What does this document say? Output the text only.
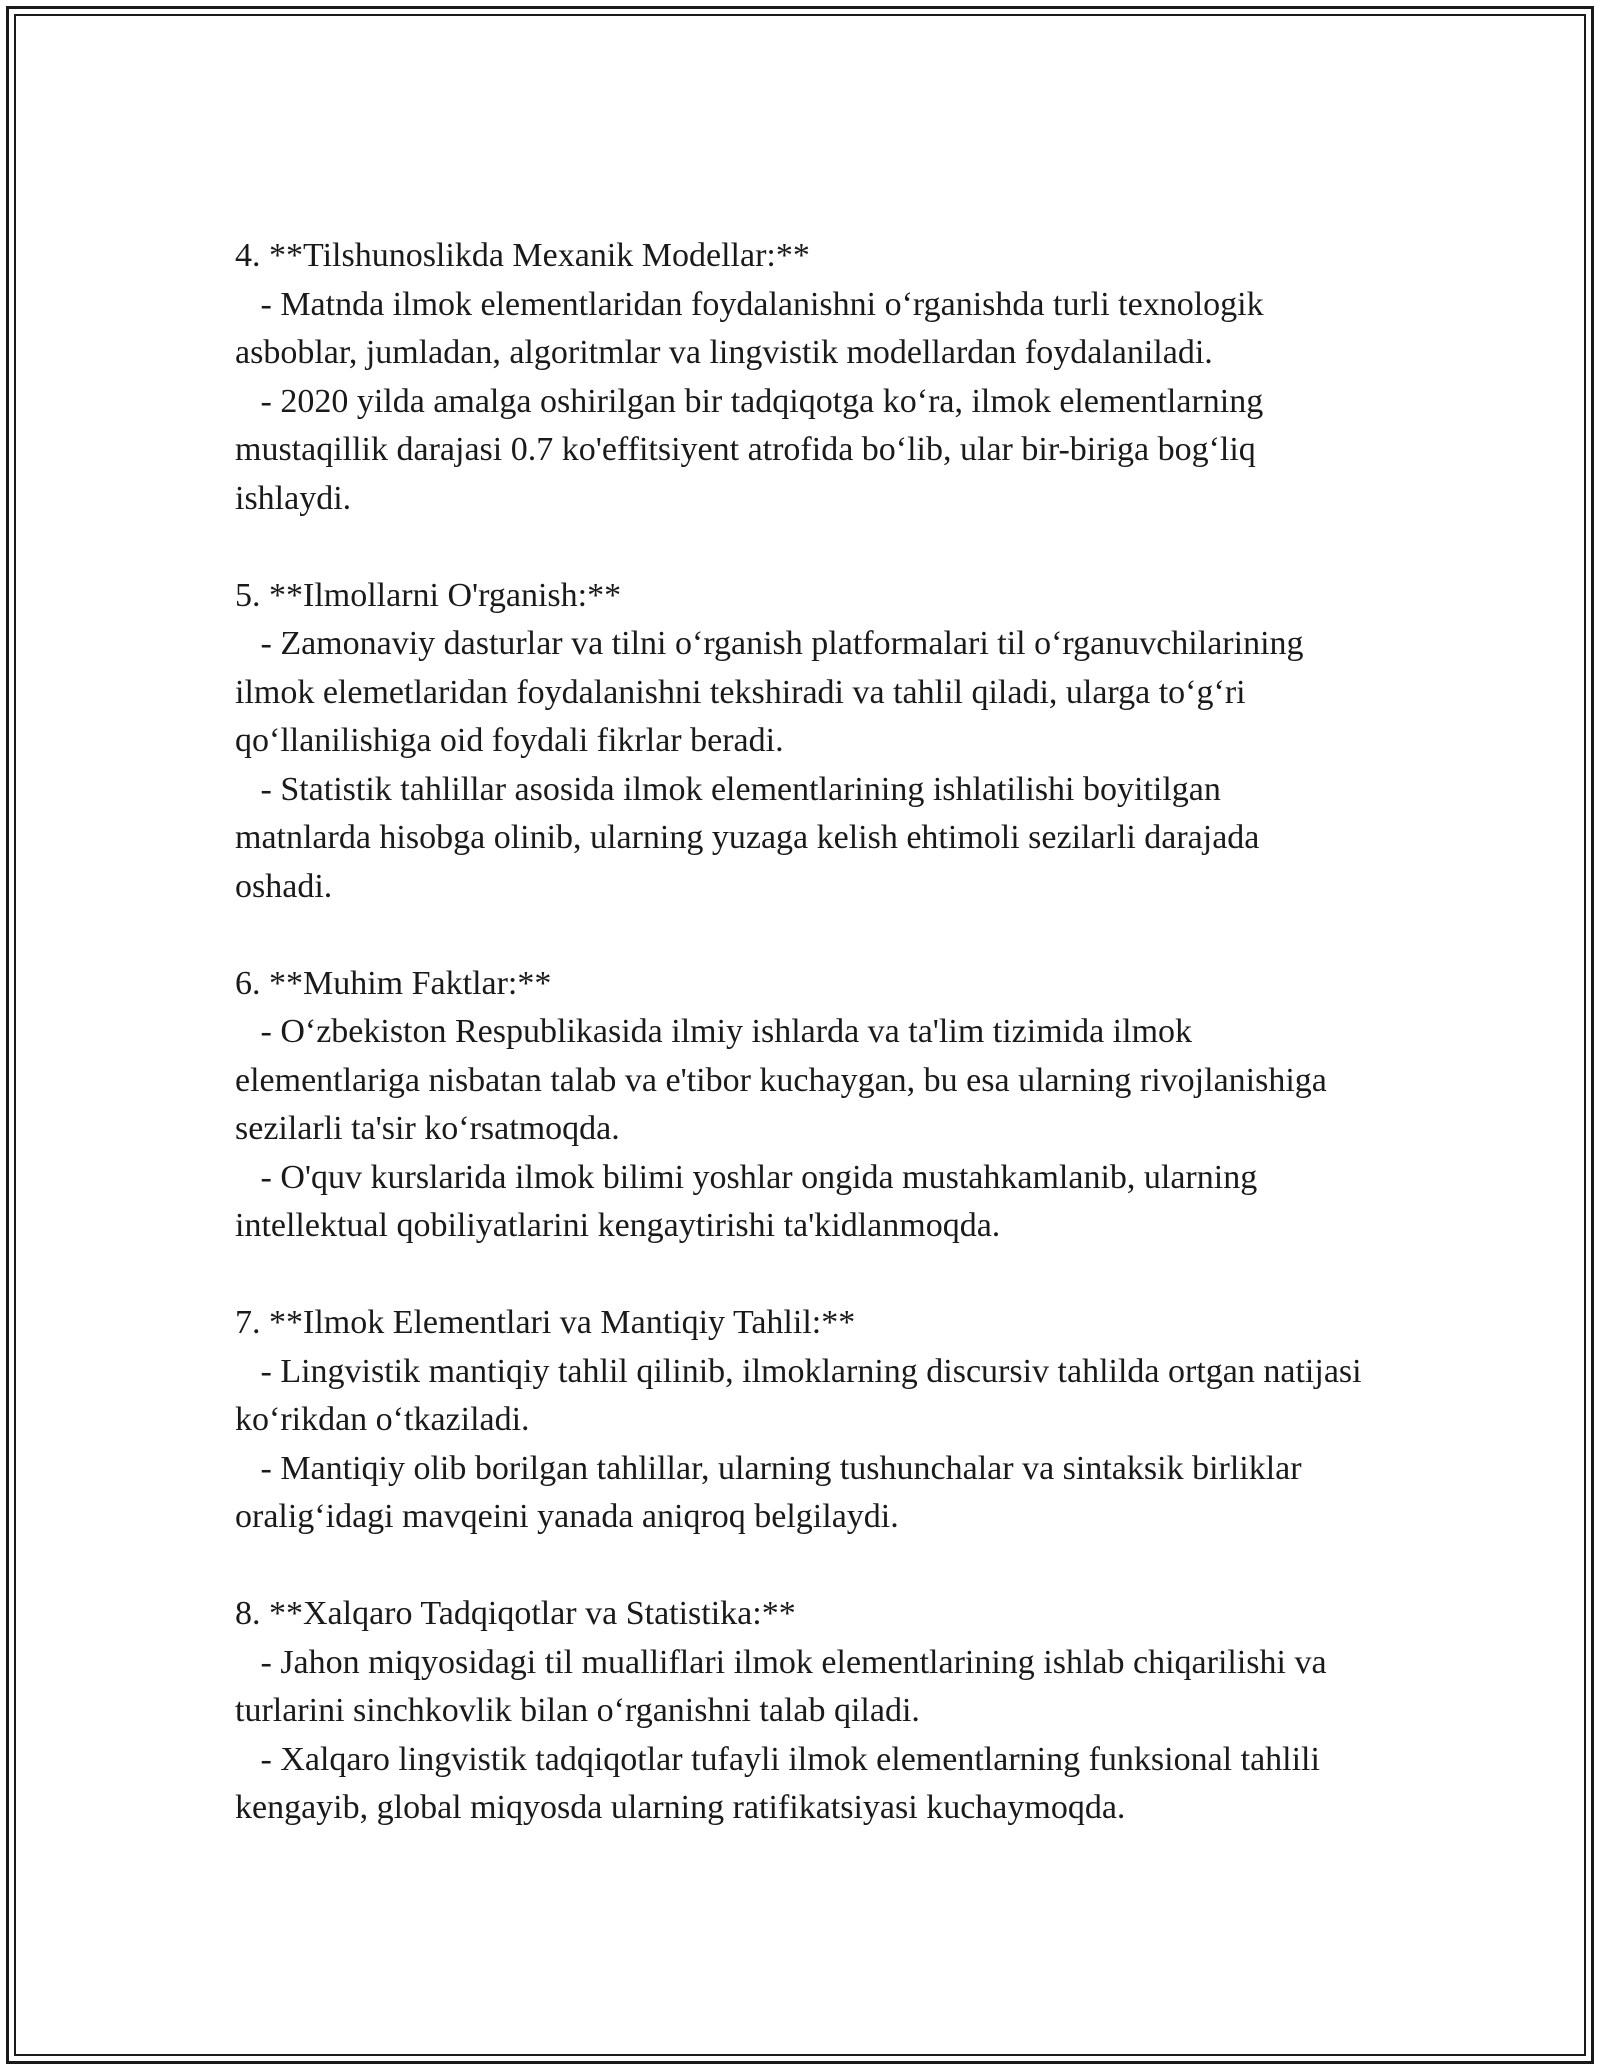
4. **Tilshunoslikda Mexanik Modellar:**
- Matnda ilmok elementlaridan foydalanishni o‘rganishda turli texnologik asboblar, jumladan, algoritmlar va lingvistik modellardan foydalaniladi.
- 2020 yilda amalga oshirilgan bir tadqiqotga ko‘ra, ilmok elementlarning mustaqillik darajasi 0.7 ko'effitsiyent atrofida bo‘lib, ular bir-biriga bog‘liq ishlaydi.
5. **Ilmollarni O'rganish:**
- Zamonaviy dasturlar va tilni o‘rganish platformalari til o‘rganuvchilarining ilmok elemetlaridan foydalanishni tekshiradi va tahlil qiladi, ularga to‘g‘ri qo‘llanilishiga oid foydali fikrlar beradi.
- Statistik tahlillar asosida ilmok elementlarining ishlatilishi boyitilgan matnlarda hisobga olinib, ularning yuzaga kelish ehtimoli sezilarli darajada oshadi.
6. **Muhim Faktlar:**
- O‘zbekiston Respublikasida ilmiy ishlarda va ta'lim tizimida ilmok elementlariga nisbatan talab va e'tibor kuchaygan, bu esa ularning rivojlanishiga sezilarli ta'sir ko‘rsatmoqda.
- O'quv kurslarida ilmok bilimi yoshlar ongida mustahkamlanib, ularning intellektual qobiliyatlarini kengaytirishi ta'kidlanmoqda.
7. **Ilmok Elementlari va Mantiqiy Tahlil:**
- Lingvistik mantiqiy tahlil qilinib, ilmoklarning discursiv tahlilda ortgan natijasi ko‘rikdan o‘tkaziladi.
- Mantiqiy olib borilgan tahlillar, ularning tushunchalar va sintaksik birliklar oralig‘idagi mavqeini yanada aniqroq belgilaydi.
8. **Xalqaro Tadqiqotlar va Statistika:**
- Jahon miqyosidagi til mualliflari ilmok elementlarining ishlab chiqarilishi va turlarini sinchkovlik bilan o‘rganishni talab qiladi.
- Xalqaro lingvistik tadqiqotlar tufayli ilmok elementlarning funksional tahlili kengayib, global miqyosda ularning ratifikatsiyasi kuchaymoqda.
